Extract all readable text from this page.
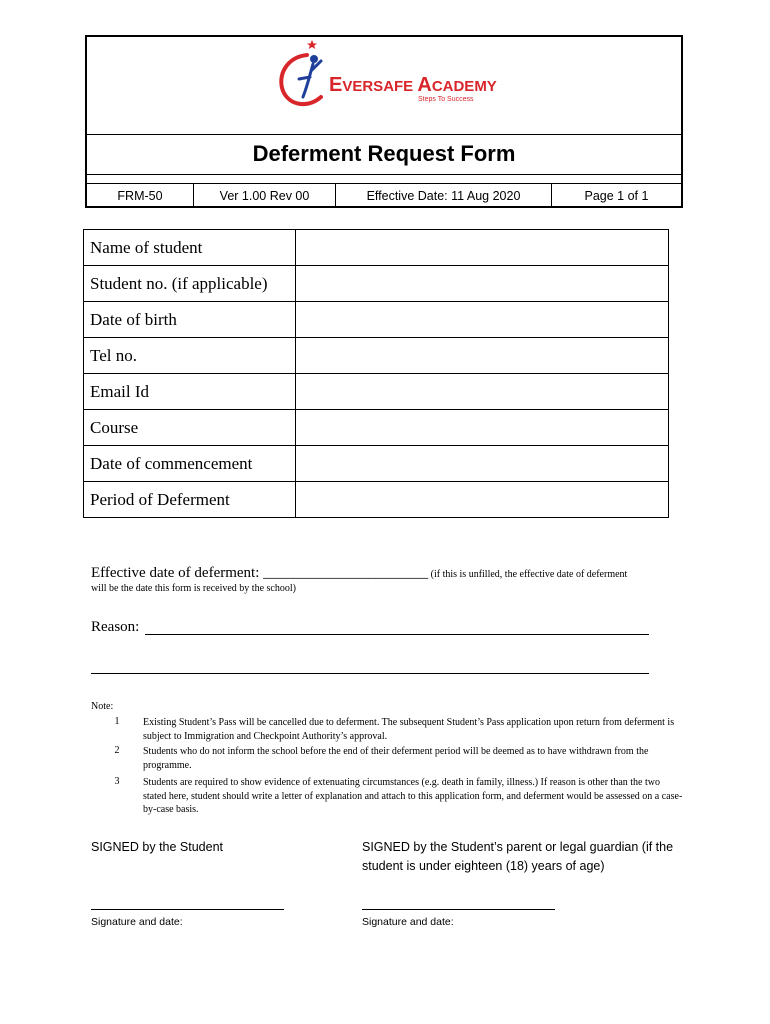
EVERSAFE ACADEMY
Steps To Success
Deferment Request Form
FRM-50	Ver 1.00 Rev 00	Effective Date: 11 Aug 2020	Page 1 of 1
Name of student	
Student no. (if applicable)	
Date of birth	
Tel no.	
Email Id	
Course	
Date of commencement	
Period of Deferment	
Effective date of deferment: ______________________ (if this is unfilled, the effective date of deferment
will be the date this form is received by the school)
Reason:
Note:
1 Existing Student’s Pass will be cancelled due to deferment. The subsequent Student’s Pass application upon return from deferment is subject to Immigration and Checkpoint Authority’s approval.
2 Students who do not inform the school before the end of their deferment period will be deemed as to have withdrawn from the programme.
3 Students are required to show evidence of extenuating circumstances (e.g. death in family, illness.) If reason is other than the two stated here, student should write a letter of explanation and attach to this application form, and deferment would be assessed on a case-by-case basis.
SIGNED by the Student	SIGNED by the Student’s parent or legal guardian (if the student is under eighteen (18) years of age)
Signature and date:	Signature and date:
